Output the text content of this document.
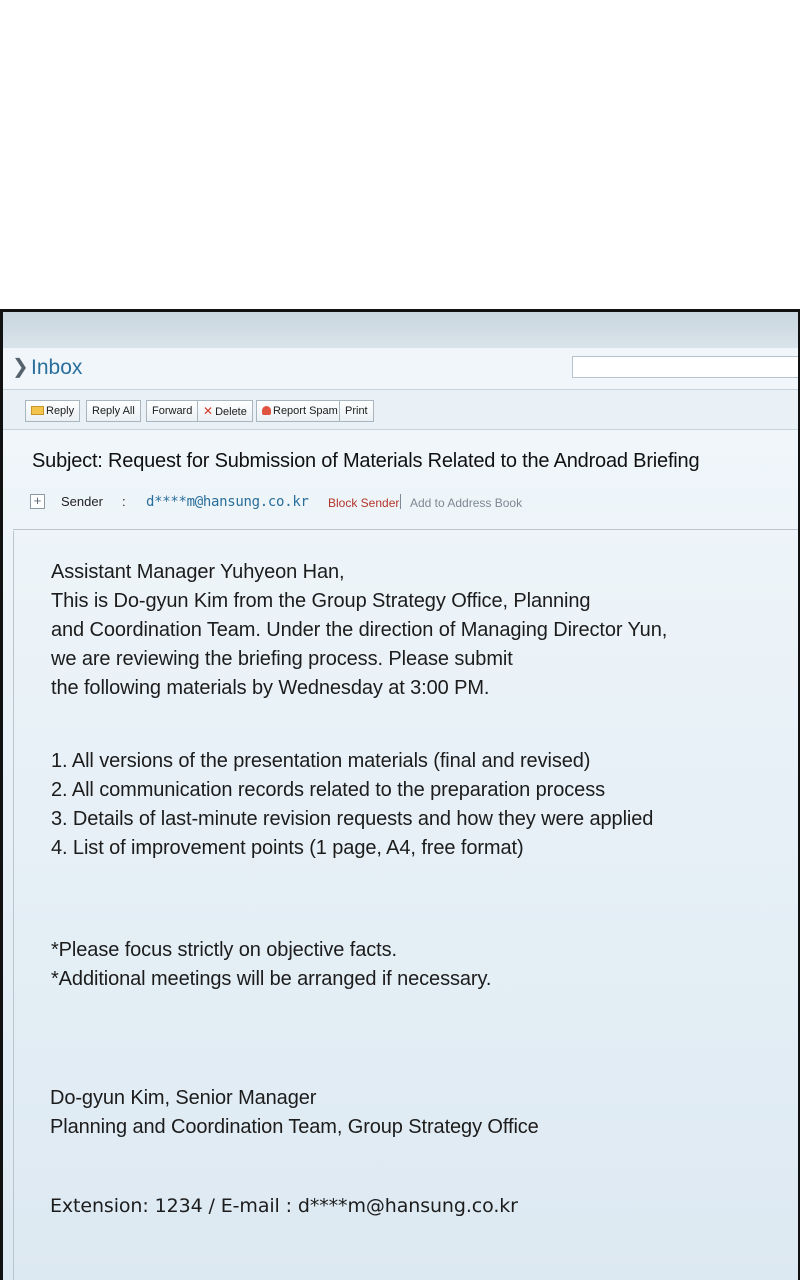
❯ Inbox
Reply	Reply All	Forward ✕ Delete	Report Spam Print
Subject: Request for Submission of Materials Related to the Androad Briefing
+ Sender : d****m@hansung.co.kr Block Sender Add to Address Book
Assistant Manager Yuhyeon Han,
This is Do-gyun Kim from the Group Strategy Office, Planning
and Coordination Team. Under the direction of Managing Director Yun,
we are reviewing the briefing process. Please submit
the following materials by Wednesday at 3:00 PM.
1. All versions of the presentation materials (final and revised)
2. All communication records related to the preparation process
3. Details of last-minute revision requests and how they were applied
4. List of improvement points (1 page, A4, free format)
*Please focus strictly on objective facts.
*Additional meetings will be arranged if necessary.
Do-gyun Kim, Senior Manager
Planning and Coordination Team, Group Strategy Office
Extension: 1234 / E-mail : d****m@hansung.co.kr
